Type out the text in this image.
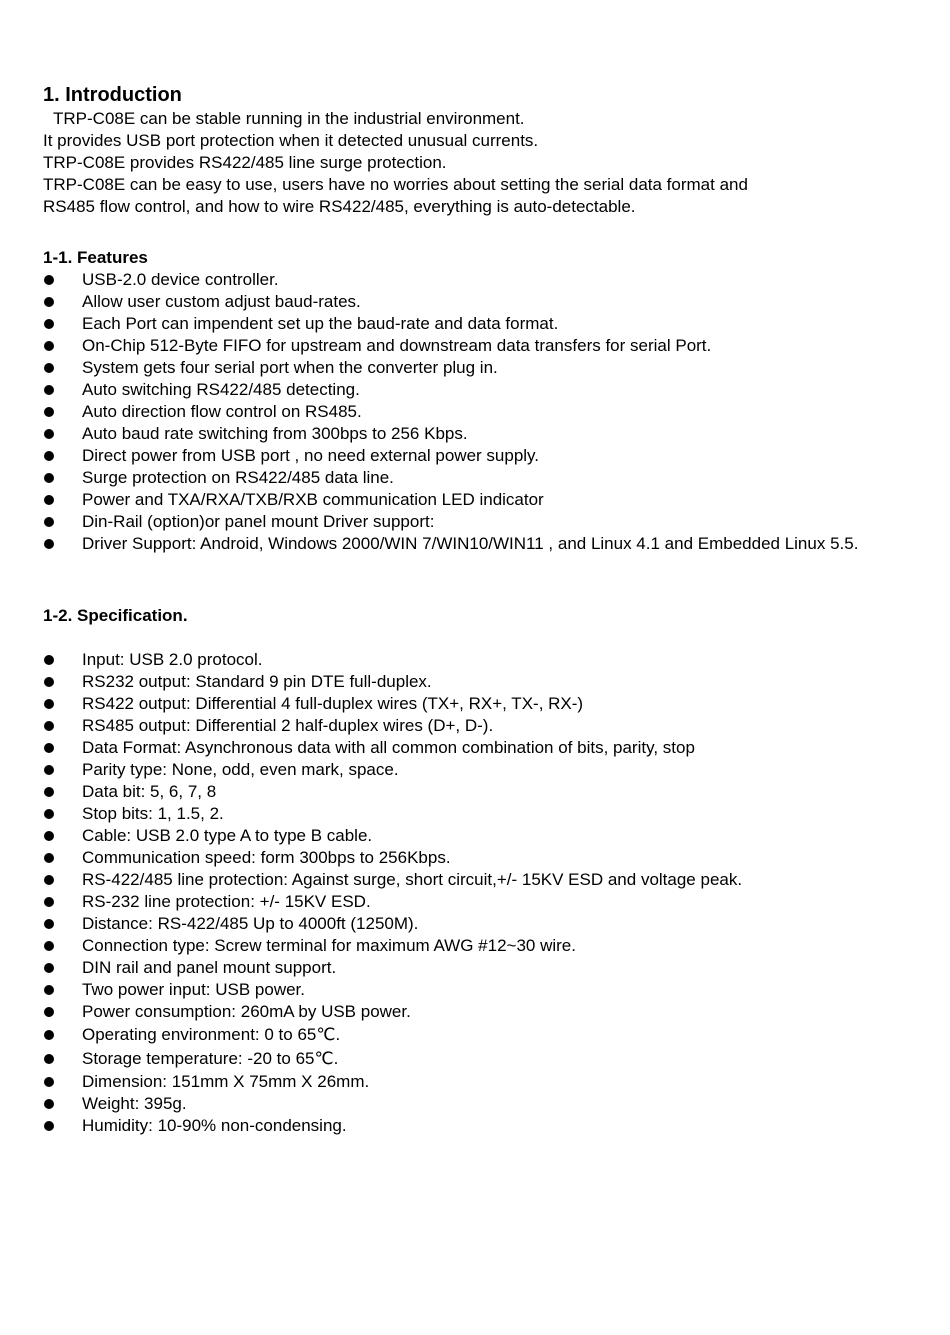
1. Introduction
TRP-C08E can be stable running in the industrial environment.
It provides USB port protection when it detected unusual currents.
TRP-C08E provides RS422/485 line surge protection.
TRP-C08E can be easy to use, users have no worries about setting the serial data format and
RS485 flow control, and how to wire RS422/485, everything is auto-detectable.
1-1. Features
USB-2.0 device controller.
Allow user custom adjust baud-rates.
Each Port can impendent set up the baud-rate and data format.
On-Chip 512-Byte FIFO for upstream and downstream data transfers for serial Port.
System gets four serial port when the converter plug in.
Auto switching RS422/485 detecting.
Auto direction flow control on RS485.
Auto baud rate switching from 300bps to 256 Kbps.
Direct power from USB port , no need external power supply.
Surge protection on RS422/485 data line.
Power and TXA/RXA/TXB/RXB communication LED indicator
Din-Rail (option)or panel mount Driver support:
Driver Support: Android, Windows 2000/WIN 7/WIN10/WIN11 , and Linux 4.1 and Embedded Linux 5.5.
1-2. Specification.
Input: USB 2.0 protocol.
RS232 output: Standard 9 pin DTE full-duplex.
RS422 output: Differential 4 full-duplex wires (TX+, RX+, TX-, RX-)
RS485 output: Differential 2 half-duplex wires (D+, D-).
Data Format: Asynchronous data with all common combination of bits, parity, stop
Parity type: None, odd, even mark, space.
Data bit: 5, 6, 7, 8
Stop bits: 1, 1.5, 2.
Cable: USB 2.0 type A to type B cable.
Communication speed: form 300bps to 256Kbps.
RS-422/485 line protection: Against surge, short circuit,+/- 15KV ESD and voltage peak.
RS-232 line protection: +/- 15KV ESD.
Distance: RS-422/485 Up to 4000ft (1250M).
Connection type: Screw terminal for maximum AWG #12~30 wire.
DIN rail and panel mount support.
Two power input: USB power.
Power consumption: 260mA by USB power.
Operating environment: 0 to 65℃.
Storage temperature: -20 to 65℃.
Dimension: 151mm X 75mm X 26mm.
Weight: 395g.
Humidity: 10-90% non-condensing.
